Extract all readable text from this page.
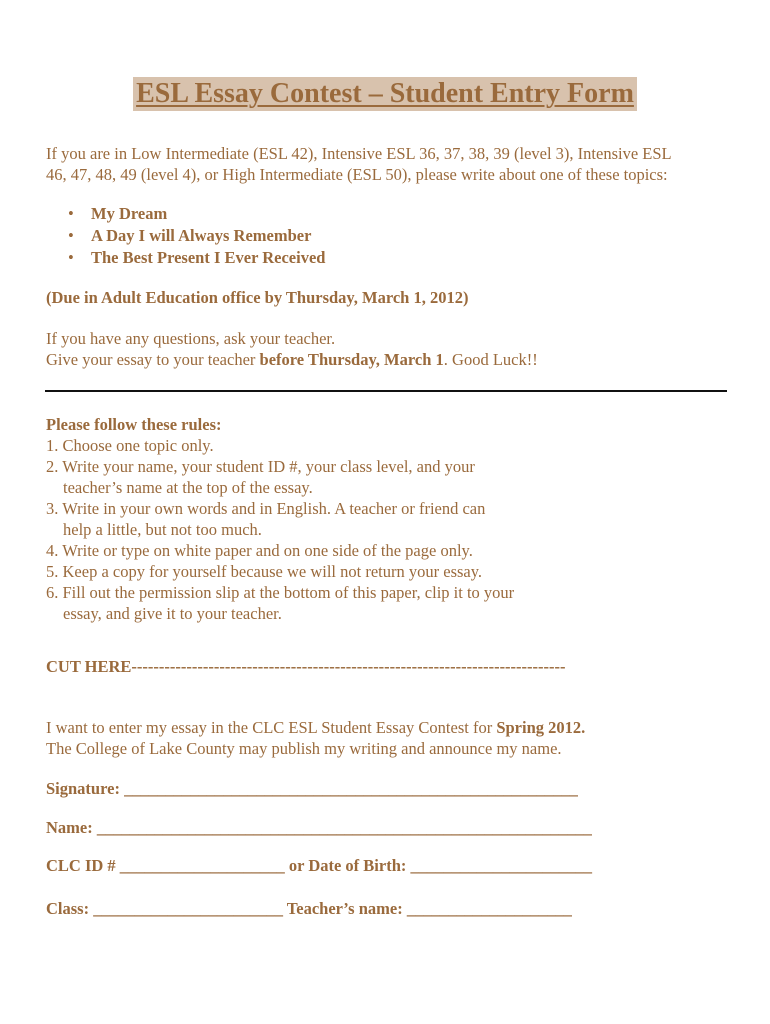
ESL Essay Contest – Student Entry Form
If you are in Low Intermediate (ESL 42), Intensive ESL 36, 37, 38, 39 (level 3), Intensive ESL
46, 47, 48, 49 (level 4), or High Intermediate (ESL 50), please write about one of these topics:
• My Dream
• A Day I will Always Remember
• The Best Present I Ever Received
(Due in Adult Education office by Thursday, March 1, 2012)
If you have any questions, ask your teacher.
Give your essay to your teacher before Thursday, March 1. Good Luck!!
Please follow these rules:
1. Choose one topic only.
2. Write your name, your student ID #, your class level, and your
teacher’s name at the top of the essay.
3. Write in your own words and in English. A teacher or friend can
help a little, but not too much.
4. Write or type on white paper and on one side of the page only.
5. Keep a copy for yourself because we will not return your essay.
6. Fill out the permission slip at the bottom of this paper, clip it to your
essay, and give it to your teacher.
CUT HERE-------------------------------------------------------------------------------
I want to enter my essay in the CLC ESL Student Essay Contest for Spring 2012.
The College of Lake County may publish my writing and announce my name.
Signature: _______________________________________________________
Name: ____________________________________________________________
CLC ID # ____________________ or Date of Birth: ______________________
Class: _______________________ Teacher’s name: ____________________
